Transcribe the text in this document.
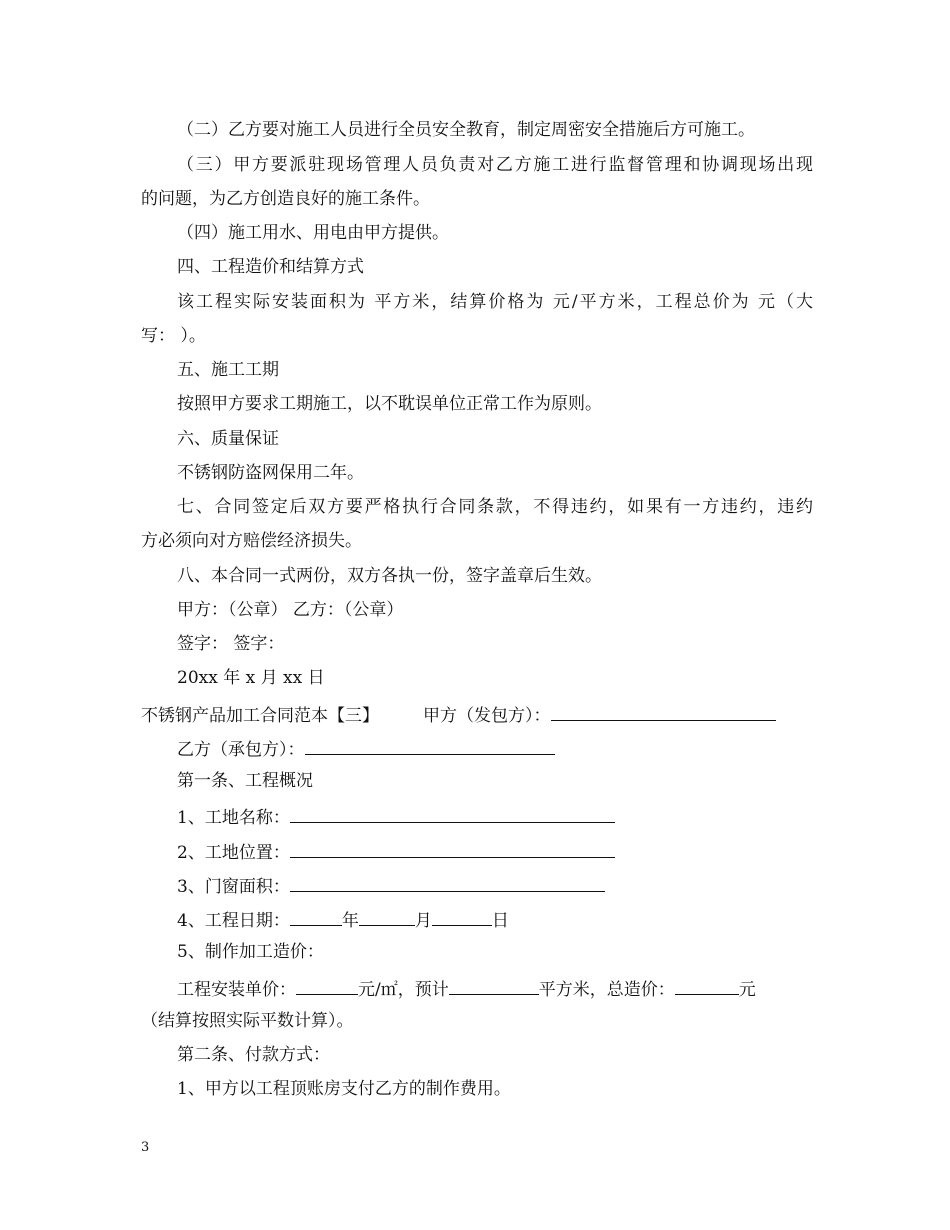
（二）乙方要对施工人员进行全员安全教育，制定周密安全措施后方可施工。
（三）甲方要派驻现场管理人员负责对乙方施工进行监督管理和协调现场出现
的问题，为乙方创造良好的施工条件。
（四）施工用水、用电由甲方提供。
四、工程造价和结算方式
该工程实际安装面积为 平方米，结算价格为 元/平方米，工程总价为 元（大
写： ）。
五、施工工期
按照甲方要求工期施工，以不耽误单位正常工作为原则。
六、质量保证
不锈钢防盗网保用二年。
七、合同签定后双方要严格执行合同条款，不得违约，如果有一方违约，违约
方必须向对方赔偿经济损失。
八、本合同一式两份，双方各执一份，签字盖章后生效。
甲方：（公章） 乙方：（公章）
签字： 签字：
20xx 年 x 月 xx 日
不锈钢产品加工合同范本【三】	甲方（发包方）：
乙方（承包方）：
第一条、工程概况
1、工地名称：
2、工地位置：
3、门窗面积：
4、工程日期：	年	月	日
5、制作加工造价：
工程安装单价：	元/㎡，预计	平方米，总造价：	元
（结算按照实际平数计算）。
第二条、付款方式：
1、甲方以工程顶账房支付乙方的制作费用。
3
